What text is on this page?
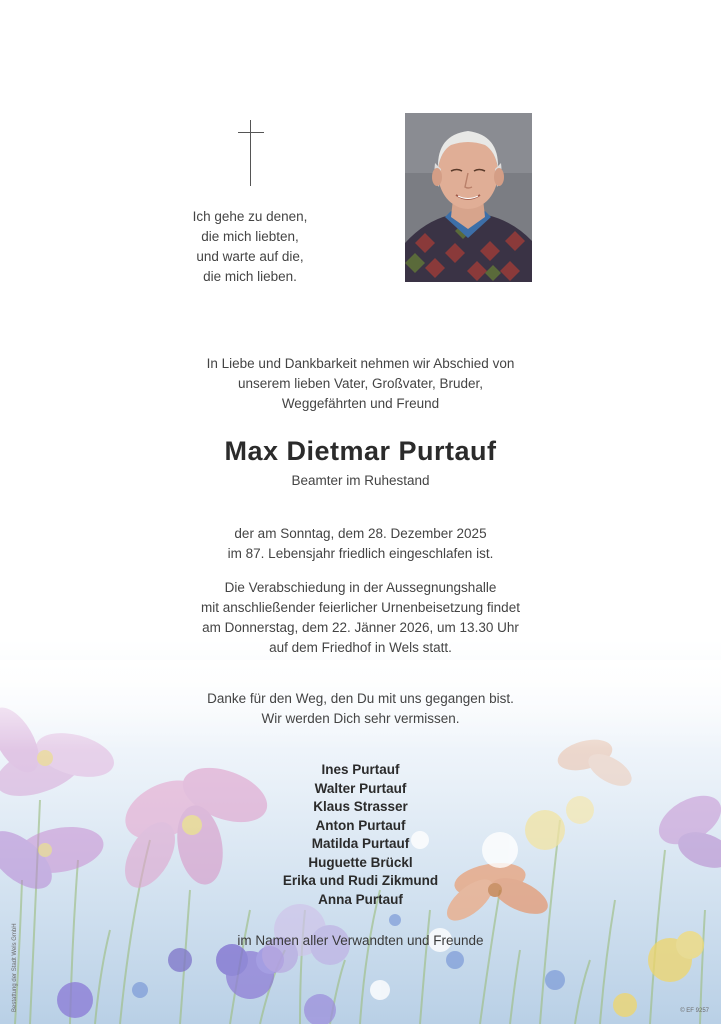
Ich gehe zu denen,
die mich liebten,
und warte auf die,
die mich lieben.
In Liebe und Dankbarkeit nehmen wir Abschied von
unserem lieben Vater, Großvater, Bruder,
Weggefährten und Freund
Max Dietmar Purtauf
Beamter im Ruhestand
der am Sonntag, dem 28. Dezember 2025
im 87. Lebensjahr friedlich eingeschlafen ist.
Die Verabschiedung in der Aussegnungshalle
mit anschließender feierlicher Urnenbeisetzung findet
am Donnerstag, dem 22. Jänner 2026, um 13.30 Uhr
auf dem Friedhof in Wels statt.
Danke für den Weg, den Du mit uns gegangen bist.
Wir werden Dich sehr vermissen.
Ines Purtauf
Walter Purtauf
Klaus Strasser
Anton Purtauf
Matilda Purtauf
Huguette Brückl
Erika und Rudi Zikmund
Anna Purtauf
im Namen aller Verwandten und Freunde
Bestattung der Stadt Wels GmbH	© EF 9257
